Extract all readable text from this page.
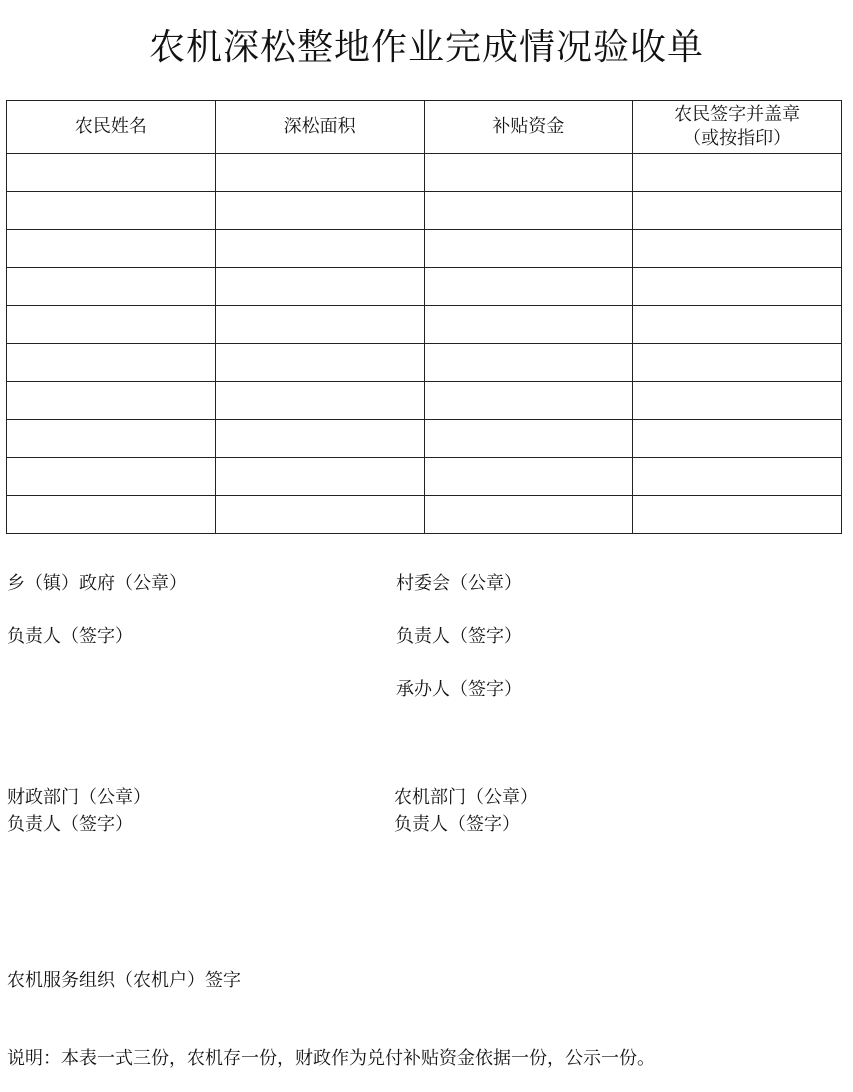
农机深松整地作业完成情况验收单
农民姓名	深松面积	补贴资金	农民签字并盖章
（或按指印）

乡（镇）政府（公章）	村委会（公章）
负责人（签字）	负责人（签字）
承办人（签字）
财政部门（公章）	农机部门（公章）
负责人（签字）	负责人（签字）
农机服务组织（农机户）签字
说明：本表一式三份，农机存一份，财政作为兑付补贴资金依据一份，公示一份。
